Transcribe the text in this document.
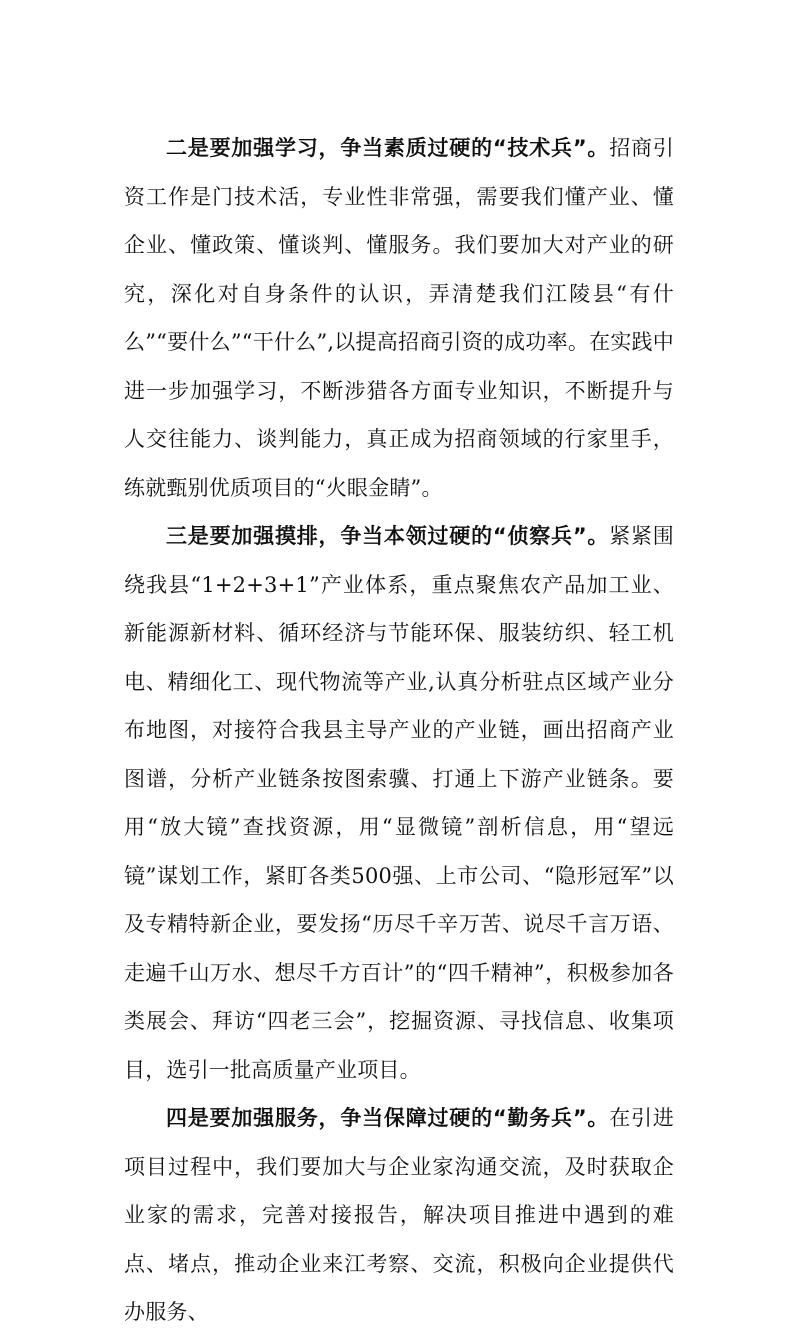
二是要加强学习，争当素质过硬的“技术兵”。招商引资工作是门技术活，专业性非常强，需要我们懂产业、懂企业、懂政策、懂谈判、懂服务。我们要加大对产业的研究，深化对自身条件的认识，弄清楚我们江陵县“有什么”“要什么”“干什么”,以提高招商引资的成功率。在实践中进一步加强学习，不断涉猎各方面专业知识，不断提升与人交往能力、谈判能力，真正成为招商领域的行家里手，练就甄别优质项目的“火眼金睛”。

三是要加强摸排，争当本领过硬的“侦察兵”。紧紧围绕我县“1+2+3+1”产业体系，重点聚焦农产品加工业、新能源新材料、循环经济与节能环保、服装纺织、轻工机电、精细化工、现代物流等产业,认真分析驻点区域产业分布地图，对接符合我县主导产业的产业链，画出招商产业图谱，分析产业链条按图索骥、打通上下游产业链条。要用“放大镜”查找资源，用“显微镜”剖析信息，用“望远镜”谋划工作，紧盯各类500强、上市公司、“隐形冠军”以及专精特新企业，要发扬“历尽千辛万苦、说尽千言万语、走遍千山万水、想尽千方百计”的“四千精神”，积极参加各类展会、拜访“四老三会”，挖掘资源、寻找信息、收集项目，选引一批高质量产业项目。

四是要加强服务，争当保障过硬的“勤务兵”。在引进项目过程中，我们要加大与企业家沟通交流，及时获取企业家的需求，完善对接报告，解决项目推进中遇到的难点、堵点，推动企业来江考察、交流，积极向企业提供代办服务、
